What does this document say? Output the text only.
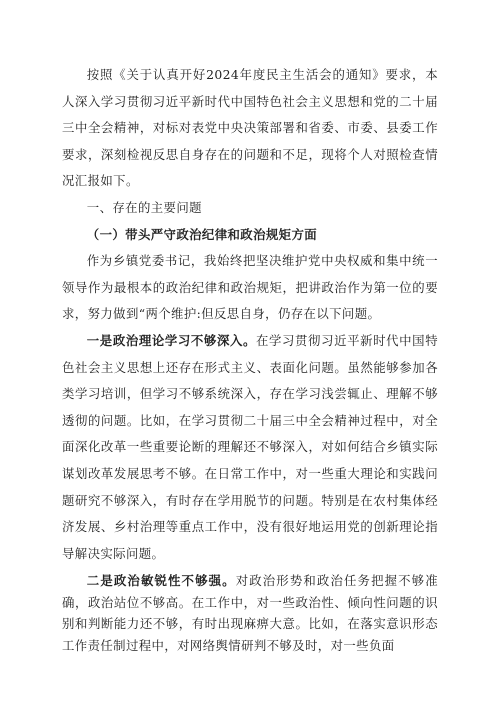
按照《关于认真开好2024年度民主生活会的通知》要求，本人深入学习贯彻习近平新时代中国特色社会主义思想和党的二十届三中全会精神，对标对表党中央决策部署和省委、市委、县委工作要求，深刻检视反思自身存在的问题和不足，现将个人对照检查情况汇报如下。

一、存在的主要问题

（一）带头严守政治纪律和政治规矩方面

作为乡镇党委书记，我始终把坚决维护党中央权威和集中统一领导作为最根本的政治纪律和政治规矩，把讲政治作为第一位的要求，努力做到“两个维护:但反思自身，仍存在以下问题。

一是政治理论学习不够深入。在学习贯彻习近平新时代中国特色社会主义思想上还存在形式主义、表面化问题。虽然能够参加各类学习培训，但学习不够系统深入，存在学习浅尝辄止、理解不够透彻的问题。比如，在学习贯彻二十届三中全会精神过程中，对全面深化改革一些重要论断的理解还不够深入，对如何结合乡镇实际谋划改革发展思考不够。在日常工作中，对一些重大理论和实践问题研究不够深入，有时存在学用脱节的问题。特别是在农村集体经济发展、乡村治理等重点工作中，没有很好地运用党的创新理论指导解决实际问题。

二是政治敏锐性不够强。对政治形势和政治任务把握不够准确，政治站位不够高。在工作中，对一些政治性、倾向性问题的识别和判断能力还不够，有时出现麻痹大意。比如，在落实意识形态工作责任制过程中，对网络舆情研判不够及时，对一些负面
